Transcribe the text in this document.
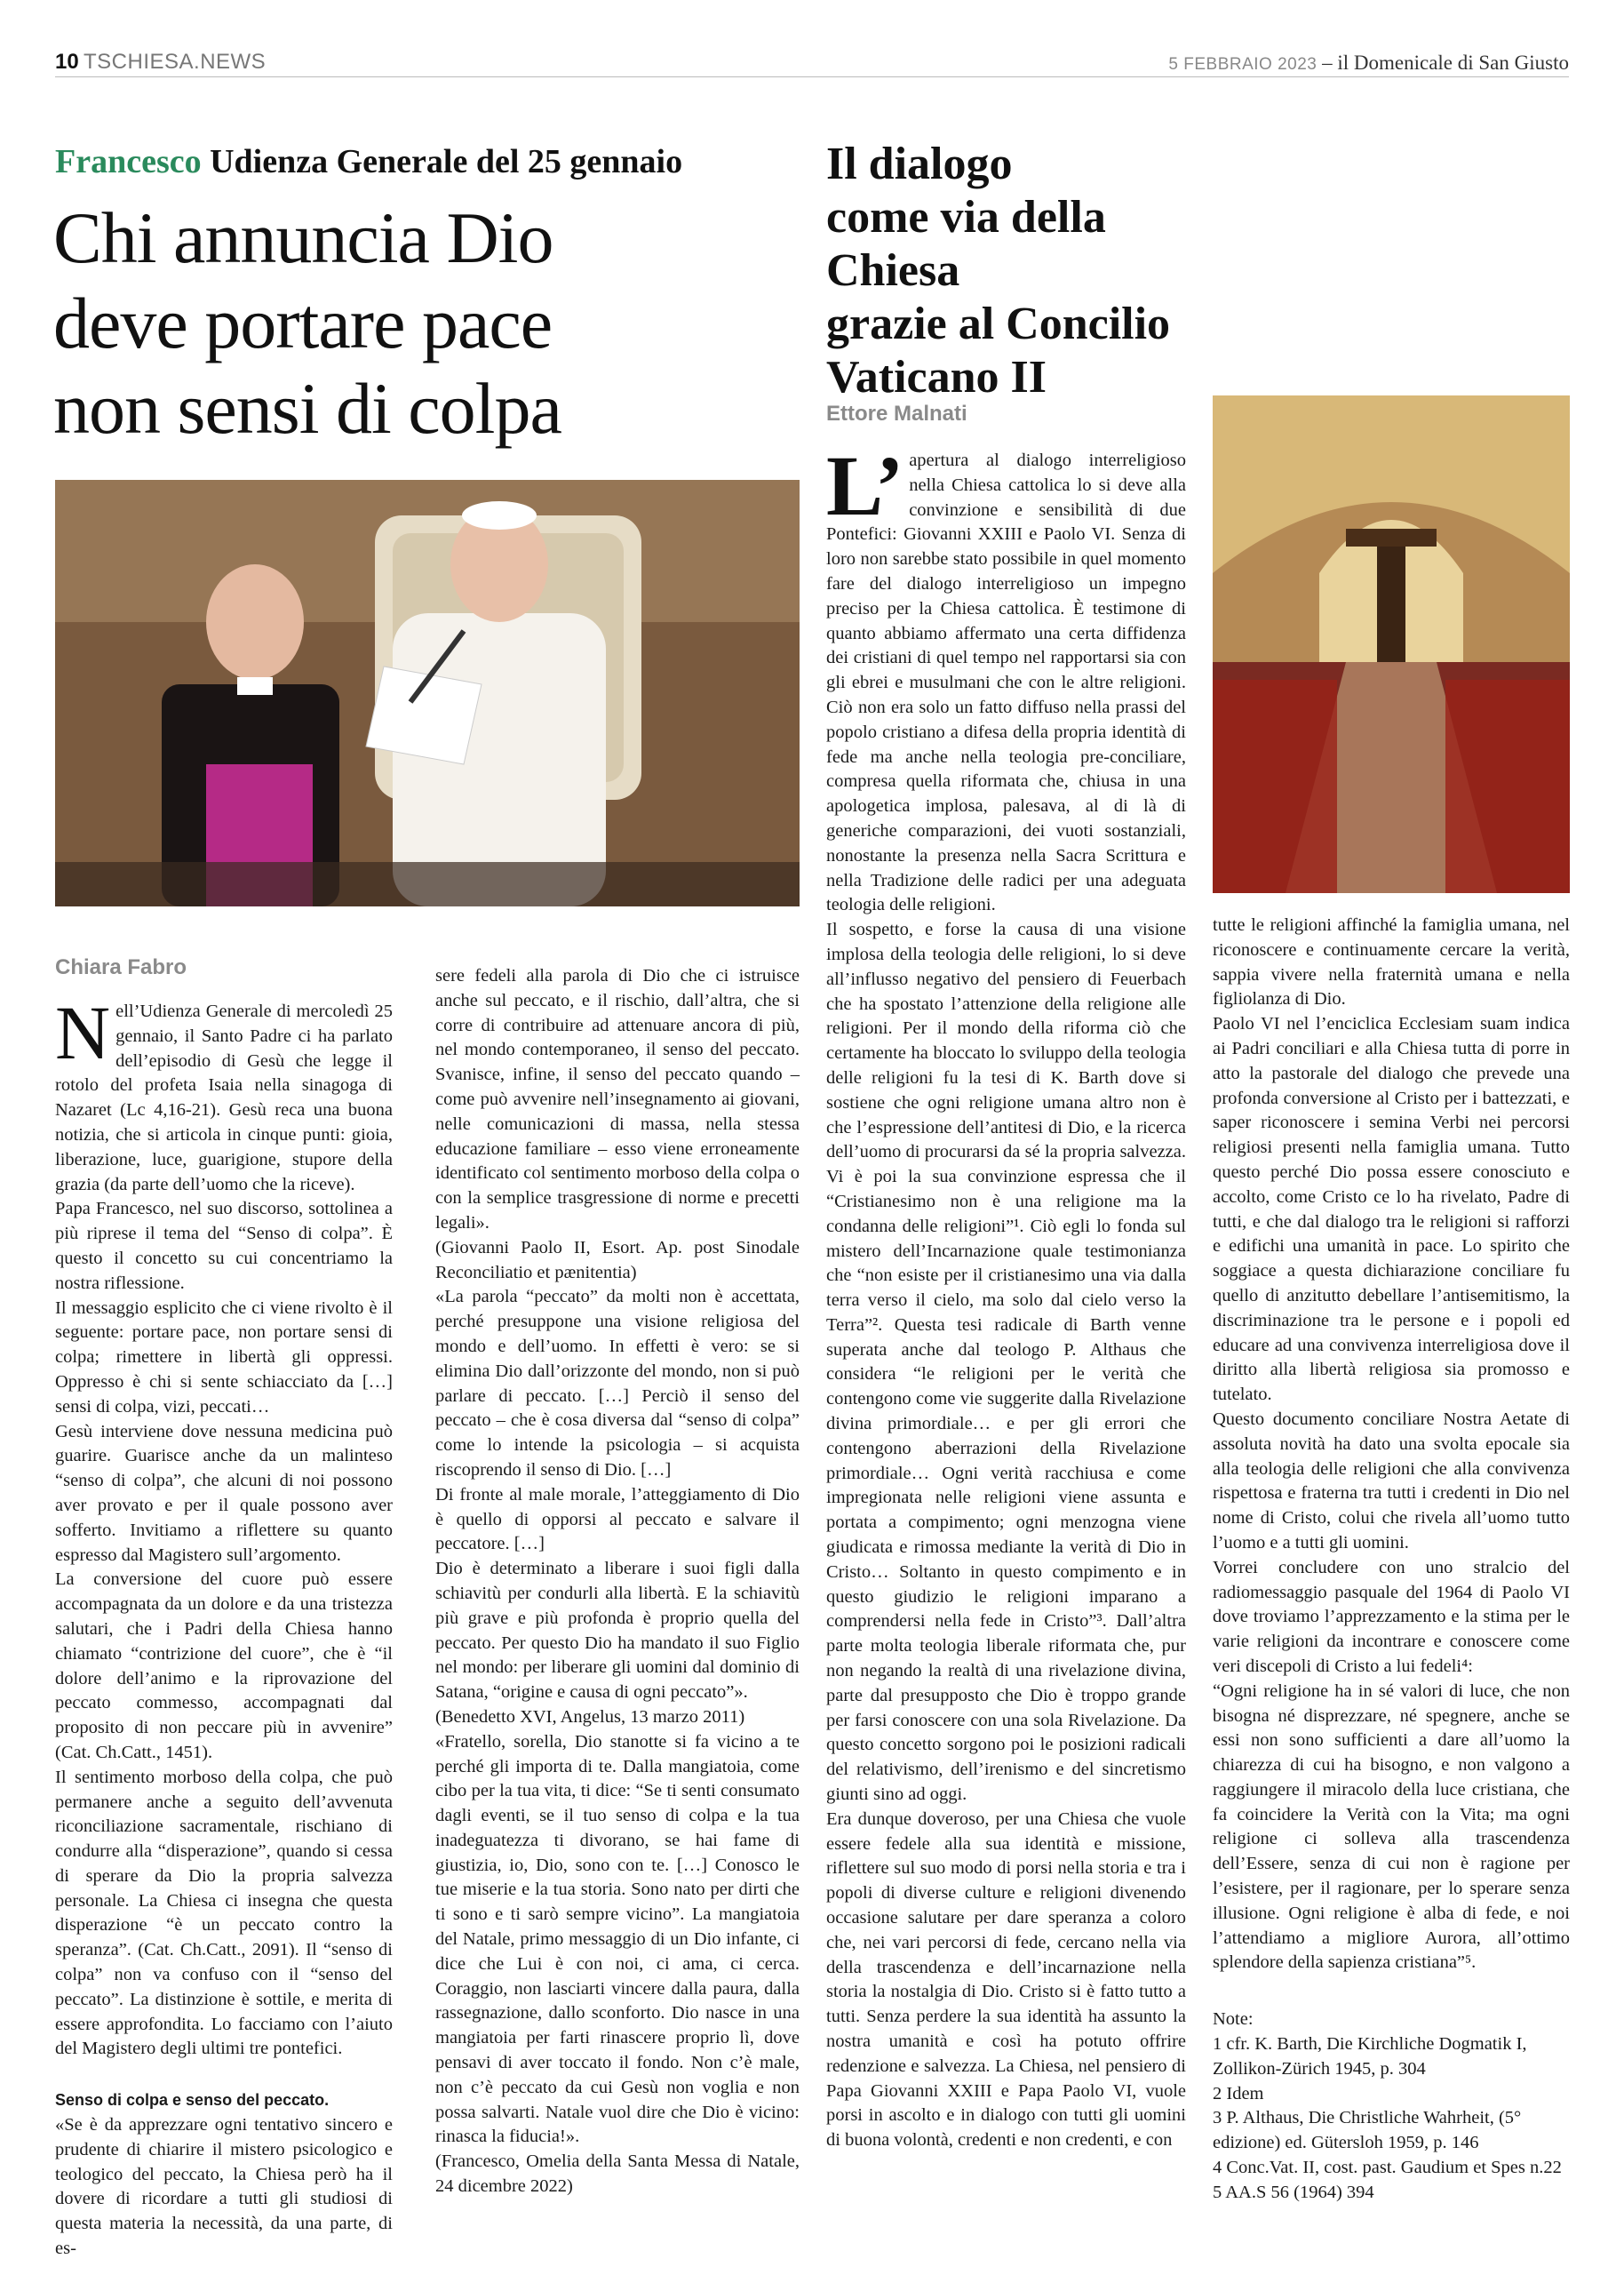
10 TSCHIESA.NEWS	5 FEBBRAIO 2023 – il Domenicale di San Giusto
Francesco Udienza Generale del 25 gennaio
Chi annuncia Dio
deve portare pace
non sensi di colpa
Chiara Fabro

Nell’Udienza Generale di mercoledì 25 gennaio, il Santo Padre ci ha parlato dell’episodio di Gesù che legge il rotolo del profeta Isaia nella sinagoga di Nazaret (Lc 4,16-21). Gesù reca una buona notizia, che si articola in cinque punti: gioia, liberazione, luce, guarigione, stupore della grazia (da parte dell’uomo che la riceve).

Papa Francesco, nel suo discorso, sottolinea a più riprese il tema del “Senso di colpa”. È questo il concetto su cui concentriamo la nostra riflessione.

Il messaggio esplicito che ci viene rivolto è il seguente: portare pace, non portare sensi di colpa; rimettere in libertà gli oppressi. Oppresso è chi si sente schiacciato da […] sensi di colpa, vizi, peccati…

Gesù interviene dove nessuna medicina può guarire. Guarisce anche da un malinteso “senso di colpa”, che alcuni di noi possono aver provato e per il quale possono aver sofferto. Invitiamo a riflettere su quanto espresso dal Magistero sull’argomento.

La conversione del cuore può essere accompagnata da un dolore e da una tristezza salutari, che i Padri della Chiesa hanno chiamato “contrizione del cuore”, che è “il dolore dell’animo e la riprovazione del peccato commesso, accompagnati dal proposito di non peccare più in avvenire” (Cat. Ch.Catt., 1451).

Il sentimento morboso della colpa, che può permanere anche a seguito dell’avvenuta riconciliazione sacramentale, rischiano di condurre alla “disperazione”, quando si cessa di sperare da Dio la propria salvezza personale. La Chiesa ci insegna che questa disperazione “è un peccato contro la speranza”. (Cat. Ch.Catt., 2091). Il “senso di colpa” non va confuso con il “senso del peccato”. La distinzione è sottile, e merita di essere approfondita. Lo facciamo con l’aiuto del Magistero degli ultimi tre pontefici.

Senso di colpa e senso del peccato.

«Se è da apprezzare ogni tentativo sincero e prudente di chiarire il mistero psicologico e teologico del peccato, la Chiesa però ha il dovere di ricordare a tutti gli studiosi di questa materia la necessità, da una parte, di es-

sere fedeli alla parola di Dio che ci istruisce anche sul peccato, e il rischio, dall’altra, che si corre di contribuire ad attenuare ancora di più, nel mondo contemporaneo, il senso del peccato. Svanisce, infine, il senso del peccato quando – come può avvenire nell’insegnamento ai giovani, nelle comunicazioni di massa, nella stessa educazione familiare – esso viene erroneamente identificato col sentimento morboso della colpa o con la semplice trasgressione di norme e precetti legali».

(Giovanni Paolo II, Esort. Ap. post Sinodale Reconciliatio et pænitentia)

«La parola “peccato” da molti non è accettata, perché presuppone una visione religiosa del mondo e dell’uomo. In effetti è vero: se si elimina Dio dall’orizzonte del mondo, non si può parlare di peccato. […] Perciò il senso del peccato – che è cosa diversa dal “senso di colpa” come lo intende la psicologia – si acquista riscoprendo il senso di Dio. […]

Di fronte al male morale, l’atteggiamento di Dio è quello di opporsi al peccato e salvare il peccatore. […]

Dio è determinato a liberare i suoi figli dalla schiavitù per condurli alla libertà. E la schiavitù più grave e più profonda è proprio quella del peccato. Per questo Dio ha mandato il suo Figlio nel mondo: per liberare gli uomini dal dominio di Satana, “origine e causa di ogni peccato”».

(Benedetto XVI, Angelus, 13 marzo 2011)

«Fratello, sorella, Dio stanotte si fa vicino a te perché gli importa di te. Dalla mangiatoia, come cibo per la tua vita, ti dice: “Se ti senti consumato dagli eventi, se il tuo senso di colpa e la tua inadeguatezza ti divorano, se hai fame di giustizia, io, Dio, sono con te. […] Conosco le tue miserie e la tua storia. Sono nato per dirti che ti sono e ti sarò sempre vicino”. La mangiatoia del Natale, primo messaggio di un Dio infante, ci dice che Lui è con noi, ci ama, ci cerca. Coraggio, non lasciarti vincere dalla paura, dalla rassegnazione, dallo sconforto. Dio nasce in una mangiatoia per farti rinascere proprio lì, dove pensavi di aver toccato il fondo. Non c’è male, non c’è peccato da cui Gesù non voglia e non possa salvarti. Natale vuol dire che Dio è vicino: rinasca la fiducia!».

(Francesco, Omelia della Santa Messa di Natale, 24 dicembre 2022)

Il dialogo
come via della Chiesa
grazie al Concilio
Vaticano II
Ettore Malnati

L’ apertura al dialogo interreligioso nella Chiesa cattolica lo si deve alla convinzione e sensibilità di due Pontefici: Giovanni XXIII e Paolo VI. Senza di loro non sarebbe stato possibile in quel momento fare del dialogo interreligioso un impegno preciso per la Chiesa cattolica. È testimone di quanto abbiamo affermato una certa diffidenza dei cristiani di quel tempo nel rapportarsi sia con gli ebrei e musulmani che con le altre religioni. Ciò non era solo un fatto diffuso nella prassi del popolo cristiano a difesa della propria identità di fede ma anche nella teologia pre-conciliare, compresa quella riformata che, chiusa in una apologetica implosa, palesava, al di là di generiche comparazioni, dei vuoti sostanziali, nonostante la presenza nella Sacra Scrittura e nella Tradizione delle radici per una adeguata teologia delle religioni.

Il sospetto, e forse la causa di una visione implosa della teologia delle religioni, lo si deve all’influsso negativo del pensiero di Feuerbach che ha spostato l’attenzione della religione alle religioni. Per il mondo della riforma ciò che certamente ha bloccato lo sviluppo della teologia delle religioni fu la tesi di K. Barth dove si sostiene che ogni religione umana altro non è che l’espressione dell’antitesi di Dio, e la ricerca dell’uomo di procurarsi da sé la propria salvezza. Vi è poi la sua convinzione espressa che il “Cristianesimo non è una religione ma la condanna delle religioni”¹. Ciò egli lo fonda sul mistero dell’Incarnazione quale testimonianza che “non esiste per il cristianesimo una via dalla terra verso il cielo, ma solo dal cielo verso la Terra”². Questa tesi radicale di Barth venne superata anche dal teologo P. Althaus che considera “le religioni per le verità che contengono come vie suggerite dalla Rivelazione divina primordiale… e per gli errori che contengono aberrazioni della Rivelazione primordiale… Ogni verità racchiusa e come impregionata nelle religioni viene assunta e portata a compimento; ogni menzogna viene giudicata e rimossa mediante la verità di Dio in Cristo… Soltanto in questo compimento e in questo giudizio le religioni imparano a comprendersi nella fede in Cristo”³. Dall’altra parte molta teologia liberale riformata che, pur non negando la realtà di una rivelazione divina, parte dal presupposto che Dio è troppo grande per farsi conoscere con una sola Rivelazione. Da questo concetto sorgono poi le posizioni radicali del relativismo, dell’irenismo e del sincretismo giunti sino ad oggi.

Era dunque doveroso, per una Chiesa che vuole essere fedele alla sua identità e missione, riflettere sul suo modo di porsi nella storia e tra i popoli di diverse culture e religioni divenendo occasione salutare per dare speranza a coloro che, nei vari percorsi di fede, cercano nella via della trascendenza e dell’incarnazione nella storia la nostalgia di Dio. Cristo si è fatto tutto a tutti. Senza perdere la sua identità ha assunto la nostra umanità e così ha potuto offrire redenzione e salvezza. La Chiesa, nel pensiero di Papa Giovanni XXIII e Papa Paolo VI, vuole porsi in ascolto e in dialogo con tutti gli uomini di buona volontà, credenti e non credenti, e con

tutte le religioni affinché la famiglia umana, nel riconoscere e continuamente cercare la verità, sappia vivere nella fraternità umana e nella figliolanza di Dio.

Paolo VI nel l’enciclica Ecclesiam suam indica ai Padri conciliari e alla Chiesa tutta di porre in atto la pastorale del dialogo che prevede una profonda conversione al Cristo per i battezzati, e saper riconoscere i semina Verbi nei percorsi religiosi presenti nella famiglia umana. Tutto questo perché Dio possa essere conosciuto e accolto, come Cristo ce lo ha rivelato, Padre di tutti, e che dal dialogo tra le religioni si rafforzi e edifichi una umanità in pace. Lo spirito che soggiace a questa dichiarazione conciliare fu quello di anzitutto debellare l’antisemitismo, la discriminazione tra le persone e i popoli ed educare ad una convivenza interreligiosa dove il diritto alla libertà religiosa sia promosso e tutelato.

Questo documento conciliare Nostra Aetate di assoluta novità ha dato una svolta epocale sia alla teologia delle religioni che alla convivenza rispettosa e fraterna tra tutti i credenti in Dio nel nome di Cristo, colui che rivela all’uomo tutto l’uomo e a tutti gli uomini.

Vorrei concludere con uno stralcio del radiomessaggio pasquale del 1964 di Paolo VI dove troviamo l’apprezzamento e la stima per le varie religioni da incontrare e conoscere come veri discepoli di Cristo a lui fedeli⁴:

“Ogni religione ha in sé valori di luce, che non bisogna né disprezzare, né spegnere, anche se essi non sono sufficienti a dare all’uomo la chiarezza di cui ha bisogno, e non valgono a raggiungere il miracolo della luce cristiana, che fa coincidere la Verità con la Vita; ma ogni religione ci solleva alla trascendenza dell’Essere, senza di cui non è ragione per l’esistere, per il ragionare, per lo sperare senza illusione. Ogni religione è alba di fede, e noi l’attendiamo a migliore Aurora, all’ottimo splendore della sapienza cristiana”⁵.

Note:

1 cfr. K. Barth, Die Kirchliche Dogmatik I, Zollikon-Zürich 1945, p. 304

2 Idem

3 P. Althaus, Die Christliche Wahrheit, (5° edizione) ed. Gütersloh 1959, p. 146

4 Conc.Vat. II, cost. past. Gaudium et Spes n.22

5 AA.S 56 (1964) 394
